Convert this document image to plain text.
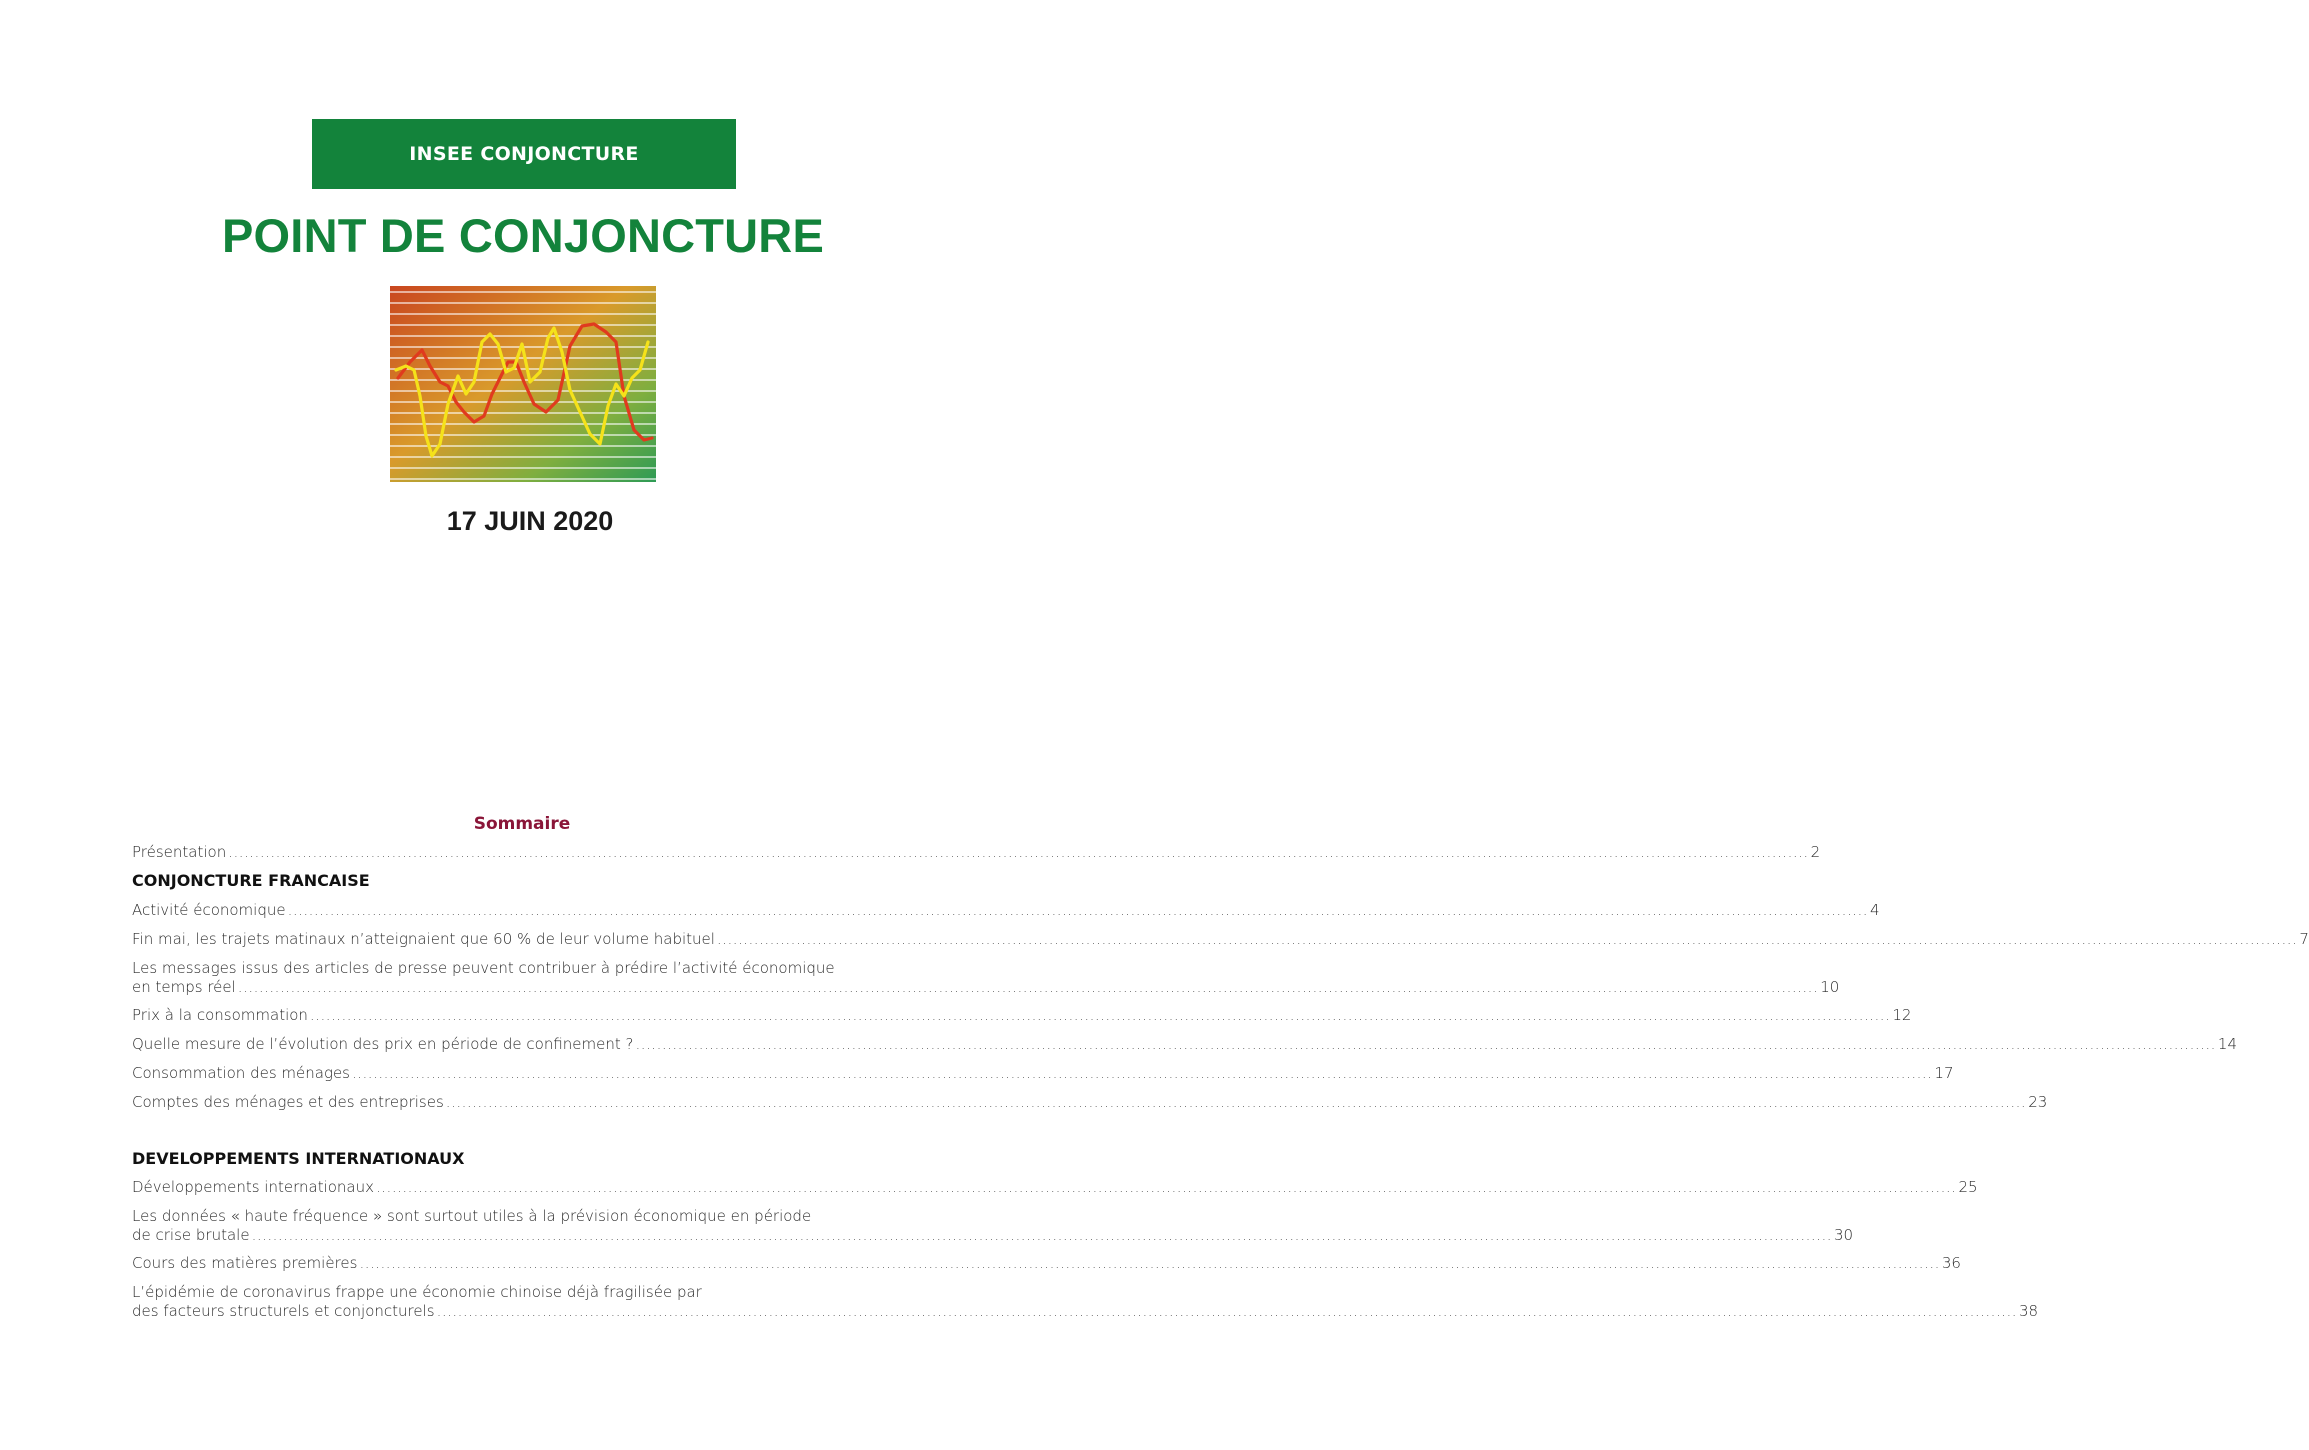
INSEE CONJONCTURE
POINT DE CONJONCTURE
17 JUIN 2020
Sommaire
Présentation ............................................................................................................................................................................................................................................................................................................ 2
CONJONCTURE FRANCAISE
Activité économique ............................................................................................................................................................................................................................................................................................................ 4
Fin mai, les trajets matinaux n’atteignaient que 60 % de leur volume habituel ............................................................................................................................................................................................................................................................................................................ 7
Les messages issus des articles de presse peuvent contribuer à prédire l’activité économique
en temps réel ............................................................................................................................................................................................................................................................................................................ 10
Prix à la consommation ............................................................................................................................................................................................................................................................................................................ 12
Quelle mesure de l’évolution des prix en période de confinement ? ............................................................................................................................................................................................................................................................................................................ 14
Consommation des ménages ............................................................................................................................................................................................................................................................................................................ 17
Comptes des ménages et des entreprises ............................................................................................................................................................................................................................................................................................................ 23
DEVELOPPEMENTS INTERNATIONAUX
Développements internationaux ............................................................................................................................................................................................................................................................................................................ 25
Les données « haute fréquence » sont surtout utiles à la prévision économique en période
de crise brutale ............................................................................................................................................................................................................................................................................................................ 30
Cours des matières premières ............................................................................................................................................................................................................................................................................................................ 36
L’épidémie de coronavirus frappe une économie chinoise déjà fragilisée par
des facteurs structurels et conjoncturels ............................................................................................................................................................................................................................................................................................................ 38
